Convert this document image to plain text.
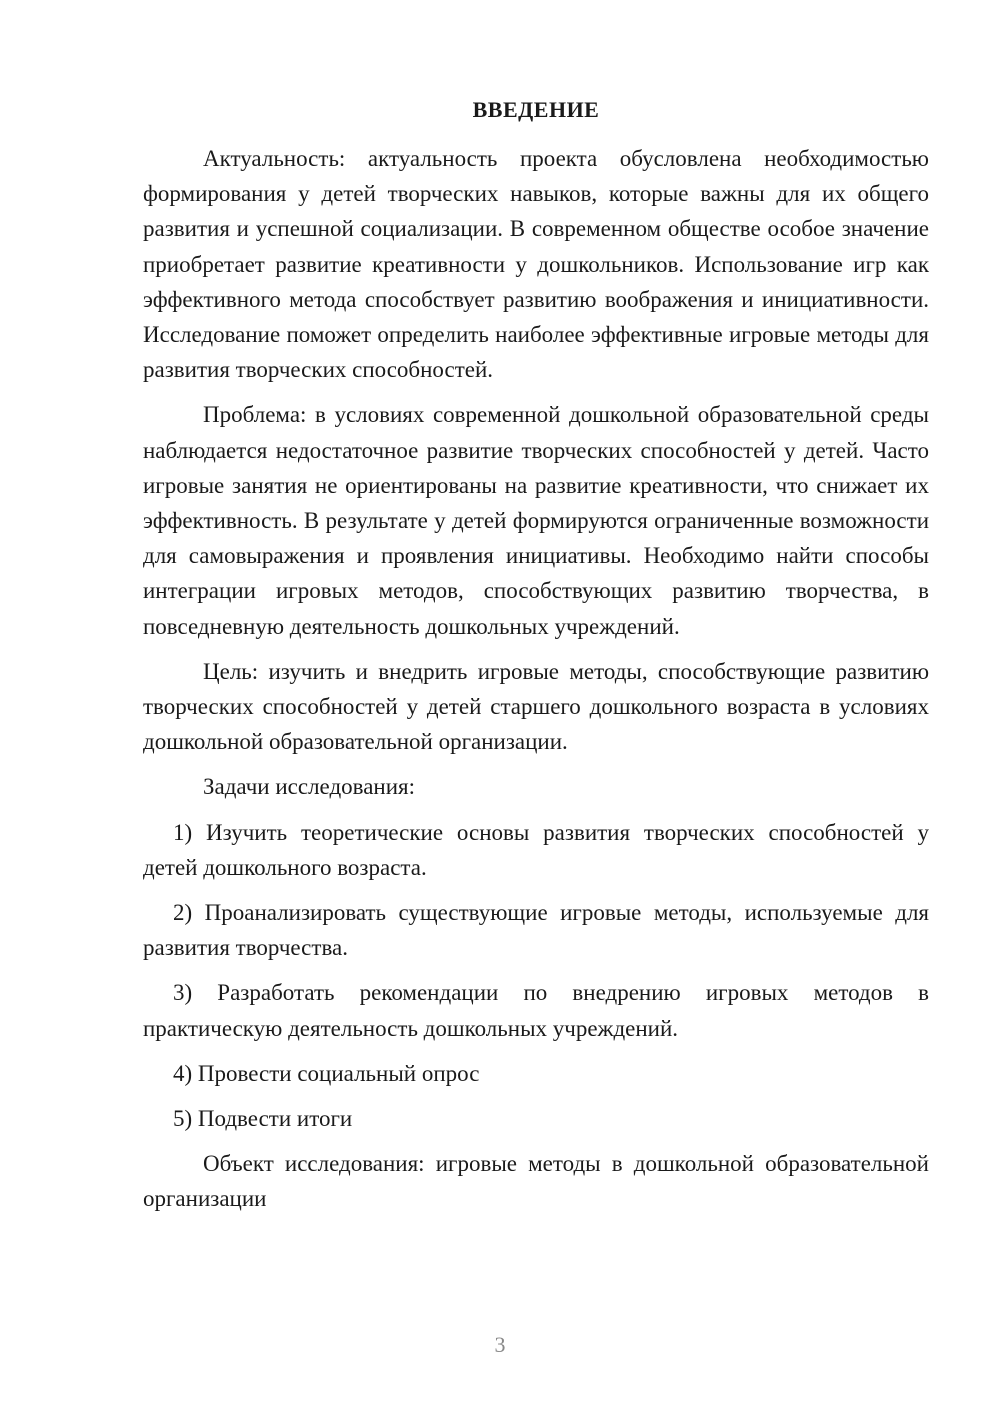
ВВЕДЕНИЕ

Актуальность: актуальность проекта обусловлена необходимостью формирования у детей творческих навыков, которые важны для их общего развития и успешной социализации. В современном обществе особое значение приобретает развитие креативности у дошкольников. Использование игр как эффективного метода способствует развитию воображения и инициативности. Исследование поможет определить наиболее эффективные игровые методы для развития творческих способностей.

Проблема: в условиях современной дошкольной образовательной среды наблюдается недостаточное развитие творческих способностей у детей. Часто игровые занятия не ориентированы на развитие креативности, что снижает их эффективность. В результате у детей формируются ограниченные возможности для самовыражения и проявления инициативы. Необходимо найти способы интеграции игровых методов, способствующих развитию творчества, в повседневную деятельность дошкольных учреждений.

Цель: изучить и внедрить игровые методы, способствующие развитию творческих способностей у детей старшего дошкольного возраста в условиях дошкольной образовательной организации.

Задачи исследования:

1) Изучить теоретические основы развития творческих способностей у детей дошкольного возраста.

2) Проанализировать существующие игровые методы, используемые для развития творчества.

3) Разработать рекомендации по внедрению игровых методов в практическую деятельность дошкольных учреждений.

4) Провести социальный опрос

5) Подвести итоги

Объект исследования: игровые методы в дошкольной образовательной организации

3
